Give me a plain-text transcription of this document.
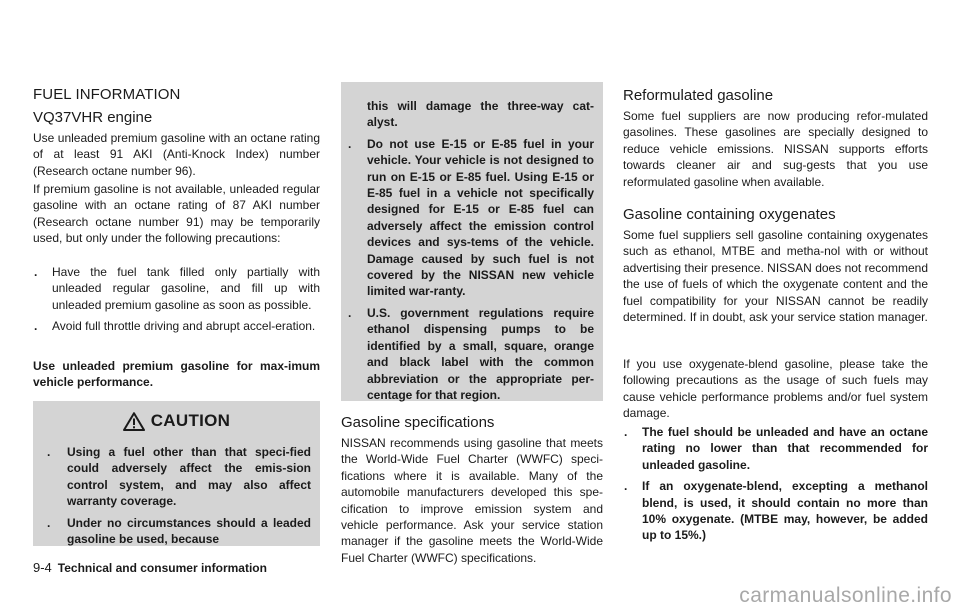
FUEL INFORMATION
VQ37VHR engine

Use unleaded premium gasoline with an octane rating of at least 91 AKI (Anti-Knock Index) number (Research octane number 96).

If premium gasoline is not available, unleaded regular gasoline with an octane rating of 87 AKI number (Research octane number 91) may be temporarily used, but only under the following precautions:

. Have the fuel tank filled only partially with unleaded regular gasoline, and fill up with unleaded premium gasoline as soon as possible.
. Avoid full throttle driving and abrupt accel-eration.

Use unleaded premium gasoline for max-imum vehicle performance.

CAUTION
. Using a fuel other than that speci-fied could adversely affect the emis-sion control system, and may also affect warranty coverage.
. Under no circumstances should a leaded gasoline be used, because
this will damage the three-way cat-alyst.
. Do not use E-15 or E-85 fuel in your vehicle. Your vehicle is not designed to run on E-15 or E-85 fuel. Using E-15 or E-85 fuel in a vehicle not specifically designed for E-15 or E-85 fuel can adversely affect the emission control devices and sys-tems of the vehicle. Damage caused by such fuel is not covered by the NISSAN new vehicle limited war-ranty.
. U.S. government regulations require ethanol dispensing pumps to be identified by a small, square, orange and black label with the common abbreviation or the appropriate per-centage for that region.
Gasoline specifications

NISSAN recommends using gasoline that meets the World-Wide Fuel Charter (WWFC) speci-fications where it is available. Many of the automobile manufacturers developed this spe-cification to improve emission system and vehicle performance. Ask your service station manager if the gasoline meets the World-Wide Fuel Charter (WWFC) specifications.

Reformulated gasoline

Some fuel suppliers are now producing refor-mulated gasolines. These gasolines are specially designed to reduce vehicle emissions. NISSAN supports efforts towards cleaner air and sug-gests that you use reformulated gasoline when available.

Gasoline containing oxygenates

Some fuel suppliers sell gasoline containing oxygenates such as ethanol, MTBE and metha-nol with or without advertising their presence. NISSAN does not recommend the use of fuels of which the oxygenate content and the fuel compatibility for your NISSAN cannot be readily determined. If in doubt, ask your service station manager.

If you use oxygenate-blend gasoline, please take the following precautions as the usage of such fuels may cause vehicle performance problems and/or fuel system damage.

. The fuel should be unleaded and have an octane rating no lower than that recommended for unleaded gasoline.
. If an oxygenate-blend, excepting a methanol blend, is used, it should contain no more than 10% oxygenate. (MTBE may, however, be added up to 15%.)
9-4 Technical and consumer information
carmanualsonline.info
